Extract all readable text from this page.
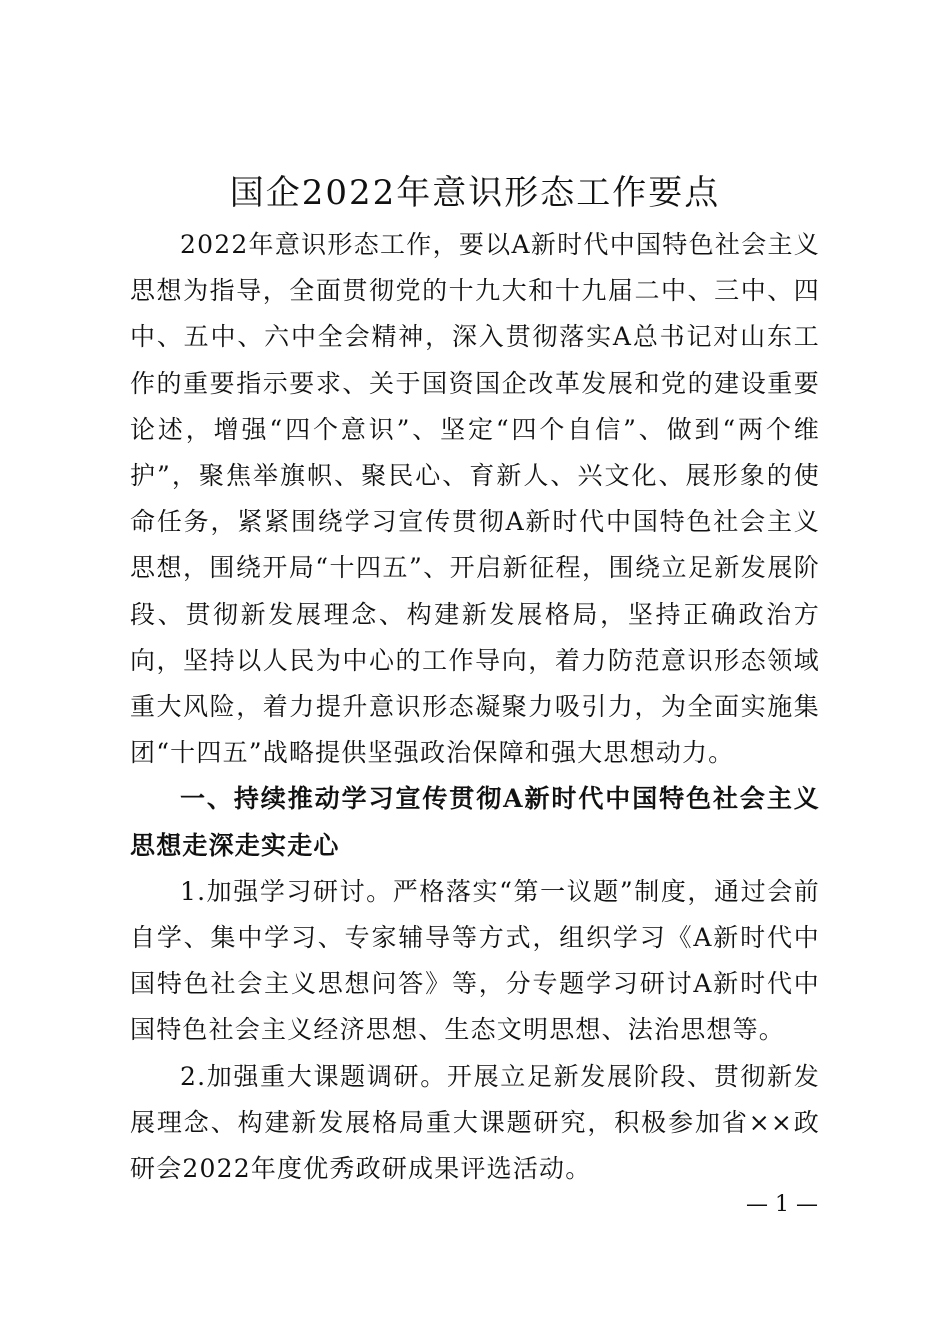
国企2022年意识形态工作要点

2022年意识形态工作，要以A新时代中国特色社会主义思想为指导，全面贯彻党的十九大和十九届二中、三中、四中、五中、六中全会精神，深入贯彻落实A总书记对山东工作的重要指示要求、关于国资国企改革发展和党的建设重要论述，增强“四个意识”、坚定“四个自信”、做到“两个维护”，聚焦举旗帜、聚民心、育新人、兴文化、展形象的使命任务，紧紧围绕学习宣传贯彻A新时代中国特色社会主义思想，围绕开局“十四五”、开启新征程，围绕立足新发展阶段、贯彻新发展理念、构建新发展格局，坚持正确政治方向，坚持以人民为中心的工作导向，着力防范意识形态领域重大风险，着力提升意识形态凝聚力吸引力，为全面实施集团“十四五”战略提供坚强政治保障和强大思想动力。

一、持续推动学习宣传贯彻A新时代中国特色社会主义思想走深走实走心

1.加强学习研讨。严格落实“第一议题”制度，通过会前自学、集中学习、专家辅导等方式，组织学习《A新时代中国特色社会主义思想问答》等，分专题学习研讨A新时代中国特色社会主义经济思想、生态文明思想、法治思想等。

2.加强重大课题调研。开展立足新发展阶段、贯彻新发展理念、构建新发展格局重大课题研究，积极参加省××政研会2022年度优秀政研成果评选活动。

— 1 —
